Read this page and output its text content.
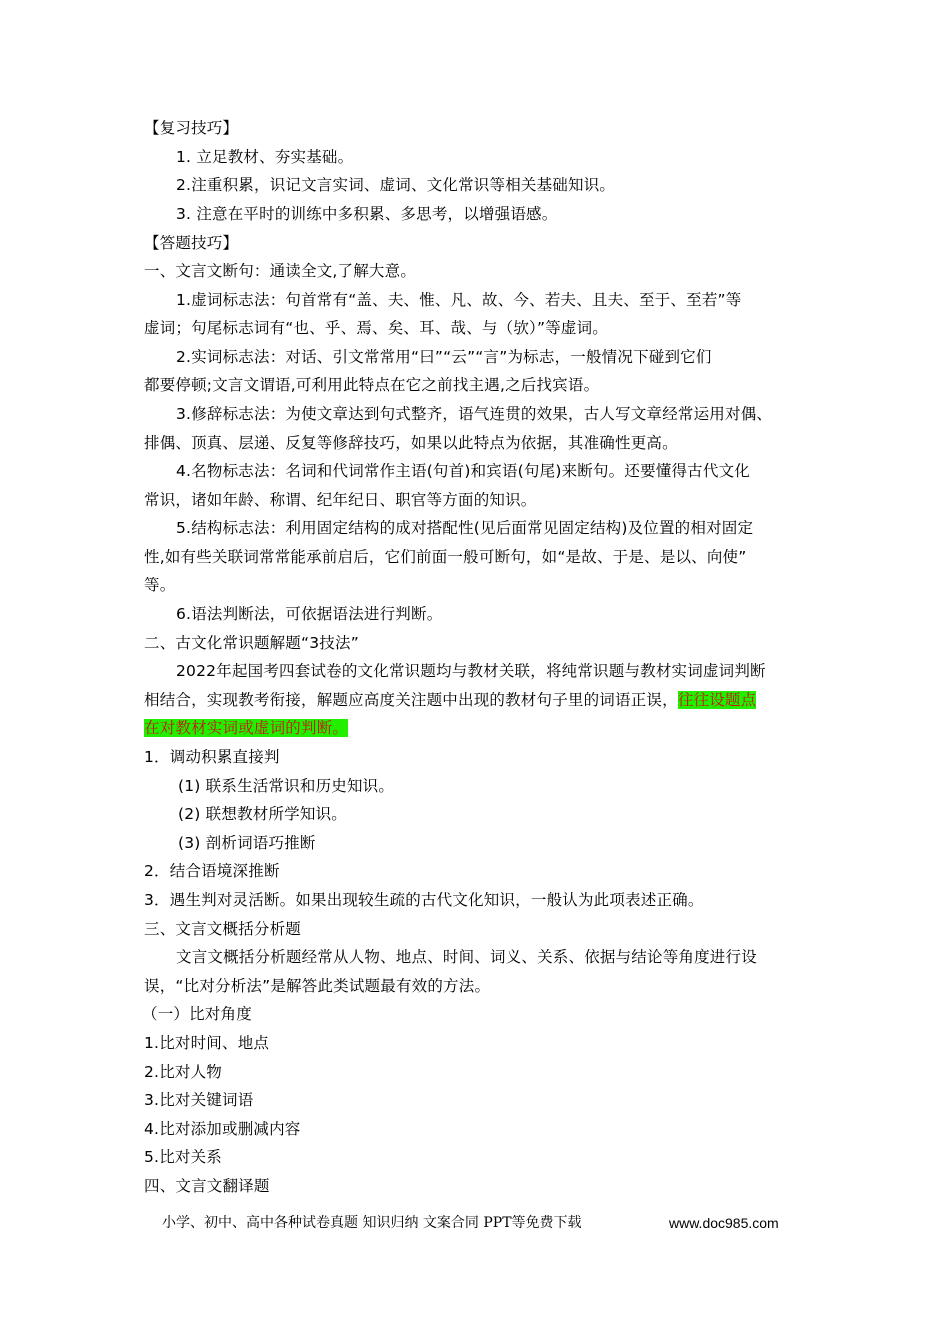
【复习技巧】
1. 立足教材、夯实基础。
2.注重积累，识记文言实词、虚词、文化常识等相关基础知识。
3. 注意在平时的训练中多积累、多思考，以增强语感。
【答题技巧】
一、文言文断句：通读全文,了解大意。
1.虚词标志法：句首常有“盖、夫、惟、凡、故、今、若夫、且夫、至于、至若”等
虚词；句尾标志词有“也、乎、焉、矣、耳、哉、与（欤）”等虚词。
2.实词标志法：对话、引文常常用“曰”“云”“言”为标志，一般情况下碰到它们
都要停顿;文言文谓语,可利用此特点在它之前找主遇,之后找宾语。
3.修辞标志法：为使文章达到句式整齐，语气连贯的效果，古人写文章经常运用对偶、
排偶、顶真、层递、反复等修辞技巧，如果以此特点为依据，其准确性更高。
4.名物标志法：名词和代词常作主语(句首)和宾语(句尾)来断句。还要懂得古代文化
常识，诸如年龄、称谓、纪年纪日、职官等方面的知识。
5.结构标志法：利用固定结构的成对搭配性(见后面常见固定结构)及位置的相对固定
性,如有些关联词常常能承前启后，它们前面一般可断句，如“是故、于是、是以、向使”
等。
6.语法判断法，可依据语法进行判断。
二、古文化常识题解题“3技法”
2022年起国考四套试卷的文化常识题均与教材关联，将纯常识题与教材实词虚词判断
相结合，实现教考衔接，解题应高度关注题中出现的教材句子里的词语正误，往往设题点
在对教材实词或虚词的判断。
1．调动积累直接判
(1) 联系生活常识和历史知识。
(2) 联想教材所学知识。
(3) 剖析词语巧推断
2．结合语境深推断
3．遇生判对灵活断。如果出现较生疏的古代文化知识，一般认为此项表述正确。
三、文言文概括分析题
文言文概括分析题经常从人物、地点、时间、词义、关系、依据与结论等角度进行设
误，“比对分析法”是解答此类试题最有效的方法。
（一）比对角度
1.比对时间、地点
2.比对人物
3.比对关键词语
4.比对添加或删减内容
5.比对关系
四、文言文翻译题
小学、初中、高中各种试卷真题 知识归纳 文案合同 PPT等免费下载	www.doc985.com
